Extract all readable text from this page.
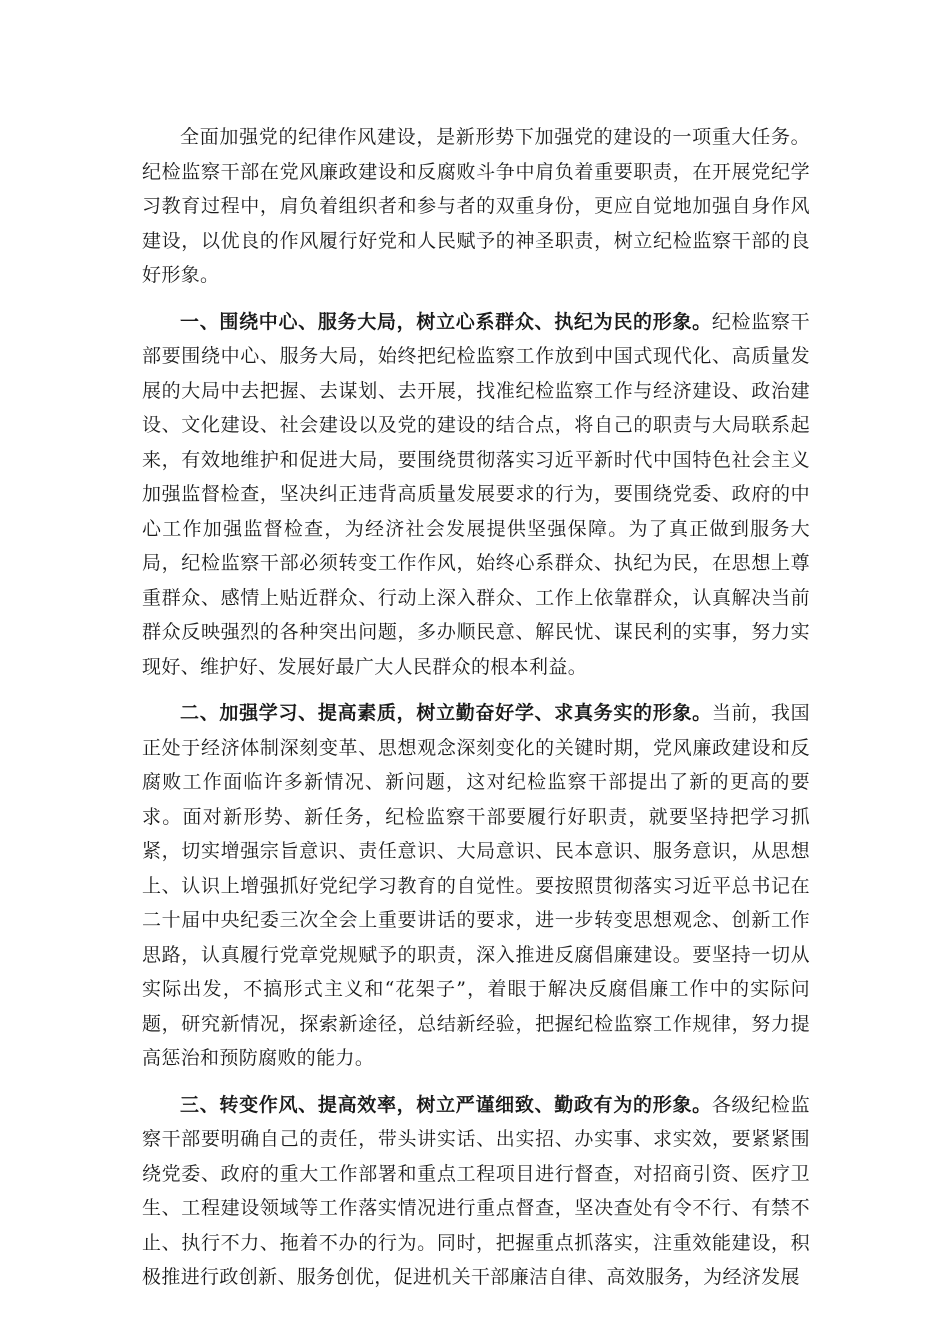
全面加强党的纪律作风建设，是新形势下加强党的建设的一项重大任务。纪检监察干部在党风廉政建设和反腐败斗争中肩负着重要职责，在开展党纪学习教育过程中，肩负着组织者和参与者的双重身份，更应自觉地加强自身作风建设，以优良的作风履行好党和人民赋予的神圣职责，树立纪检监察干部的良好形象。

一、围绕中心、服务大局，树立心系群众、执纪为民的形象。纪检监察干部要围绕中心、服务大局，始终把纪检监察工作放到中国式现代化、高质量发展的大局中去把握、去谋划、去开展，找准纪检监察工作与经济建设、政治建设、文化建设、社会建设以及党的建设的结合点，将自己的职责与大局联系起来，有效地维护和促进大局，要围绕贯彻落实习近平新时代中国特色社会主义加强监督检查，坚决纠正违背高质量发展要求的行为，要围绕党委、政府的中心工作加强监督检查，为经济社会发展提供坚强保障。为了真正做到服务大局，纪检监察干部必须转变工作作风，始终心系群众、执纪为民，在思想上尊重群众、感情上贴近群众、行动上深入群众、工作上依靠群众，认真解决当前群众反映强烈的各种突出问题，多办顺民意、解民忧、谋民利的实事，努力实现好、维护好、发展好最广大人民群众的根本利益。

二、加强学习、提高素质，树立勤奋好学、求真务实的形象。当前，我国正处于经济体制深刻变革、思想观念深刻变化的关键时期，党风廉政建设和反腐败工作面临许多新情况、新问题，这对纪检监察干部提出了新的更高的要求。面对新形势、新任务，纪检监察干部要履行好职责，就要坚持把学习抓紧，切实增强宗旨意识、责任意识、大局意识、民本意识、服务意识，从思想上、认识上增强抓好党纪学习教育的自觉性。要按照贯彻落实习近平总书记在二十届中央纪委三次全会上重要讲话的要求，进一步转变思想观念、创新工作思路，认真履行党章党规赋予的职责，深入推进反腐倡廉建设。要坚持一切从实际出发，不搞形式主义和“花架子”，着眼于解决反腐倡廉工作中的实际问题，研究新情况，探索新途径，总结新经验，把握纪检监察工作规律，努力提高惩治和预防腐败的能力。

三、转变作风、提高效率，树立严谨细致、勤政有为的形象。各级纪检监察干部要明确自己的责任，带头讲实话、出实招、办实事、求实效，要紧紧围绕党委、政府的重大工作部署和重点工程项目进行督查，对招商引资、医疗卫生、工程建设领域等工作落实情况进行重点督查，坚决查处有令不行、有禁不止、执行不力、拖着不办的行为。同时，把握重点抓落实，注重效能建设，积极推进行政创新、服务创优，促进机关干部廉洁自律、高效服务，为经济发展
